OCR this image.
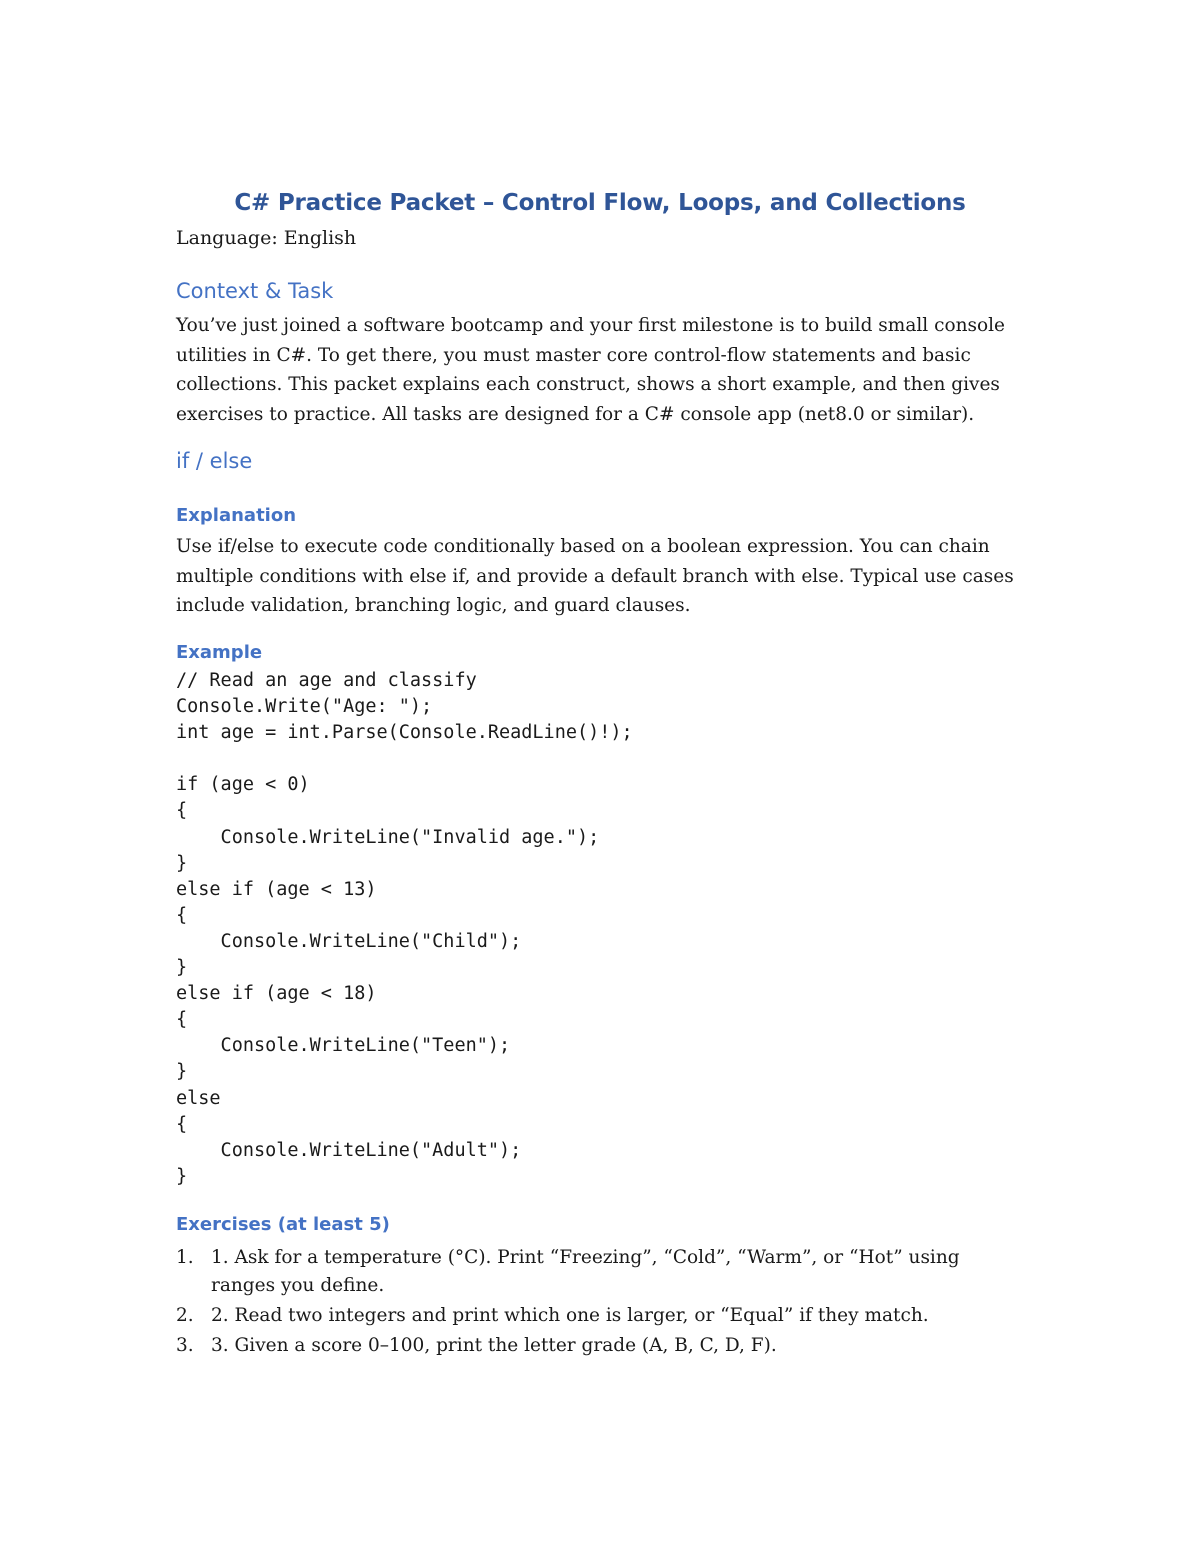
C# Practice Packet – Control Flow, Loops, and Collections
Language: English
Context & Task

You’ve just joined a software bootcamp and your first milestone is to build small console utilities in C#. To get there, you must master core control-flow statements and basic collections. This packet explains each construct, shows a short example, and then gives exercises to practice. All tasks are designed for a C# console app (net8.0 or similar).

if / else
Explanation

Use if/else to execute code conditionally based on a boolean expression. You can chain multiple conditions with else if, and provide a default branch with else. Typical use cases include validation, branching logic, and guard clauses.

Example
// Read an age and classify
Console.Write("Age: ");
int age = int.Parse(Console.ReadLine()!);
if (age < 0)
{
Console.WriteLine("Invalid age.");
}
else if (age < 13)
{
Console.WriteLine("Child");
}
else if (age < 18)
{
Console.WriteLine("Teen");
}
else
{
Console.WriteLine("Adult");
}
Exercises (at least 5)
1. 1. Ask for a temperature (°C). Print “Freezing”, “Cold”, “Warm”, or “Hot” using ranges you define.
2. 2. Read two integers and print which one is larger, or “Equal” if they match.
3. 3. Given a score 0–100, print the letter grade (A, B, C, D, F).
